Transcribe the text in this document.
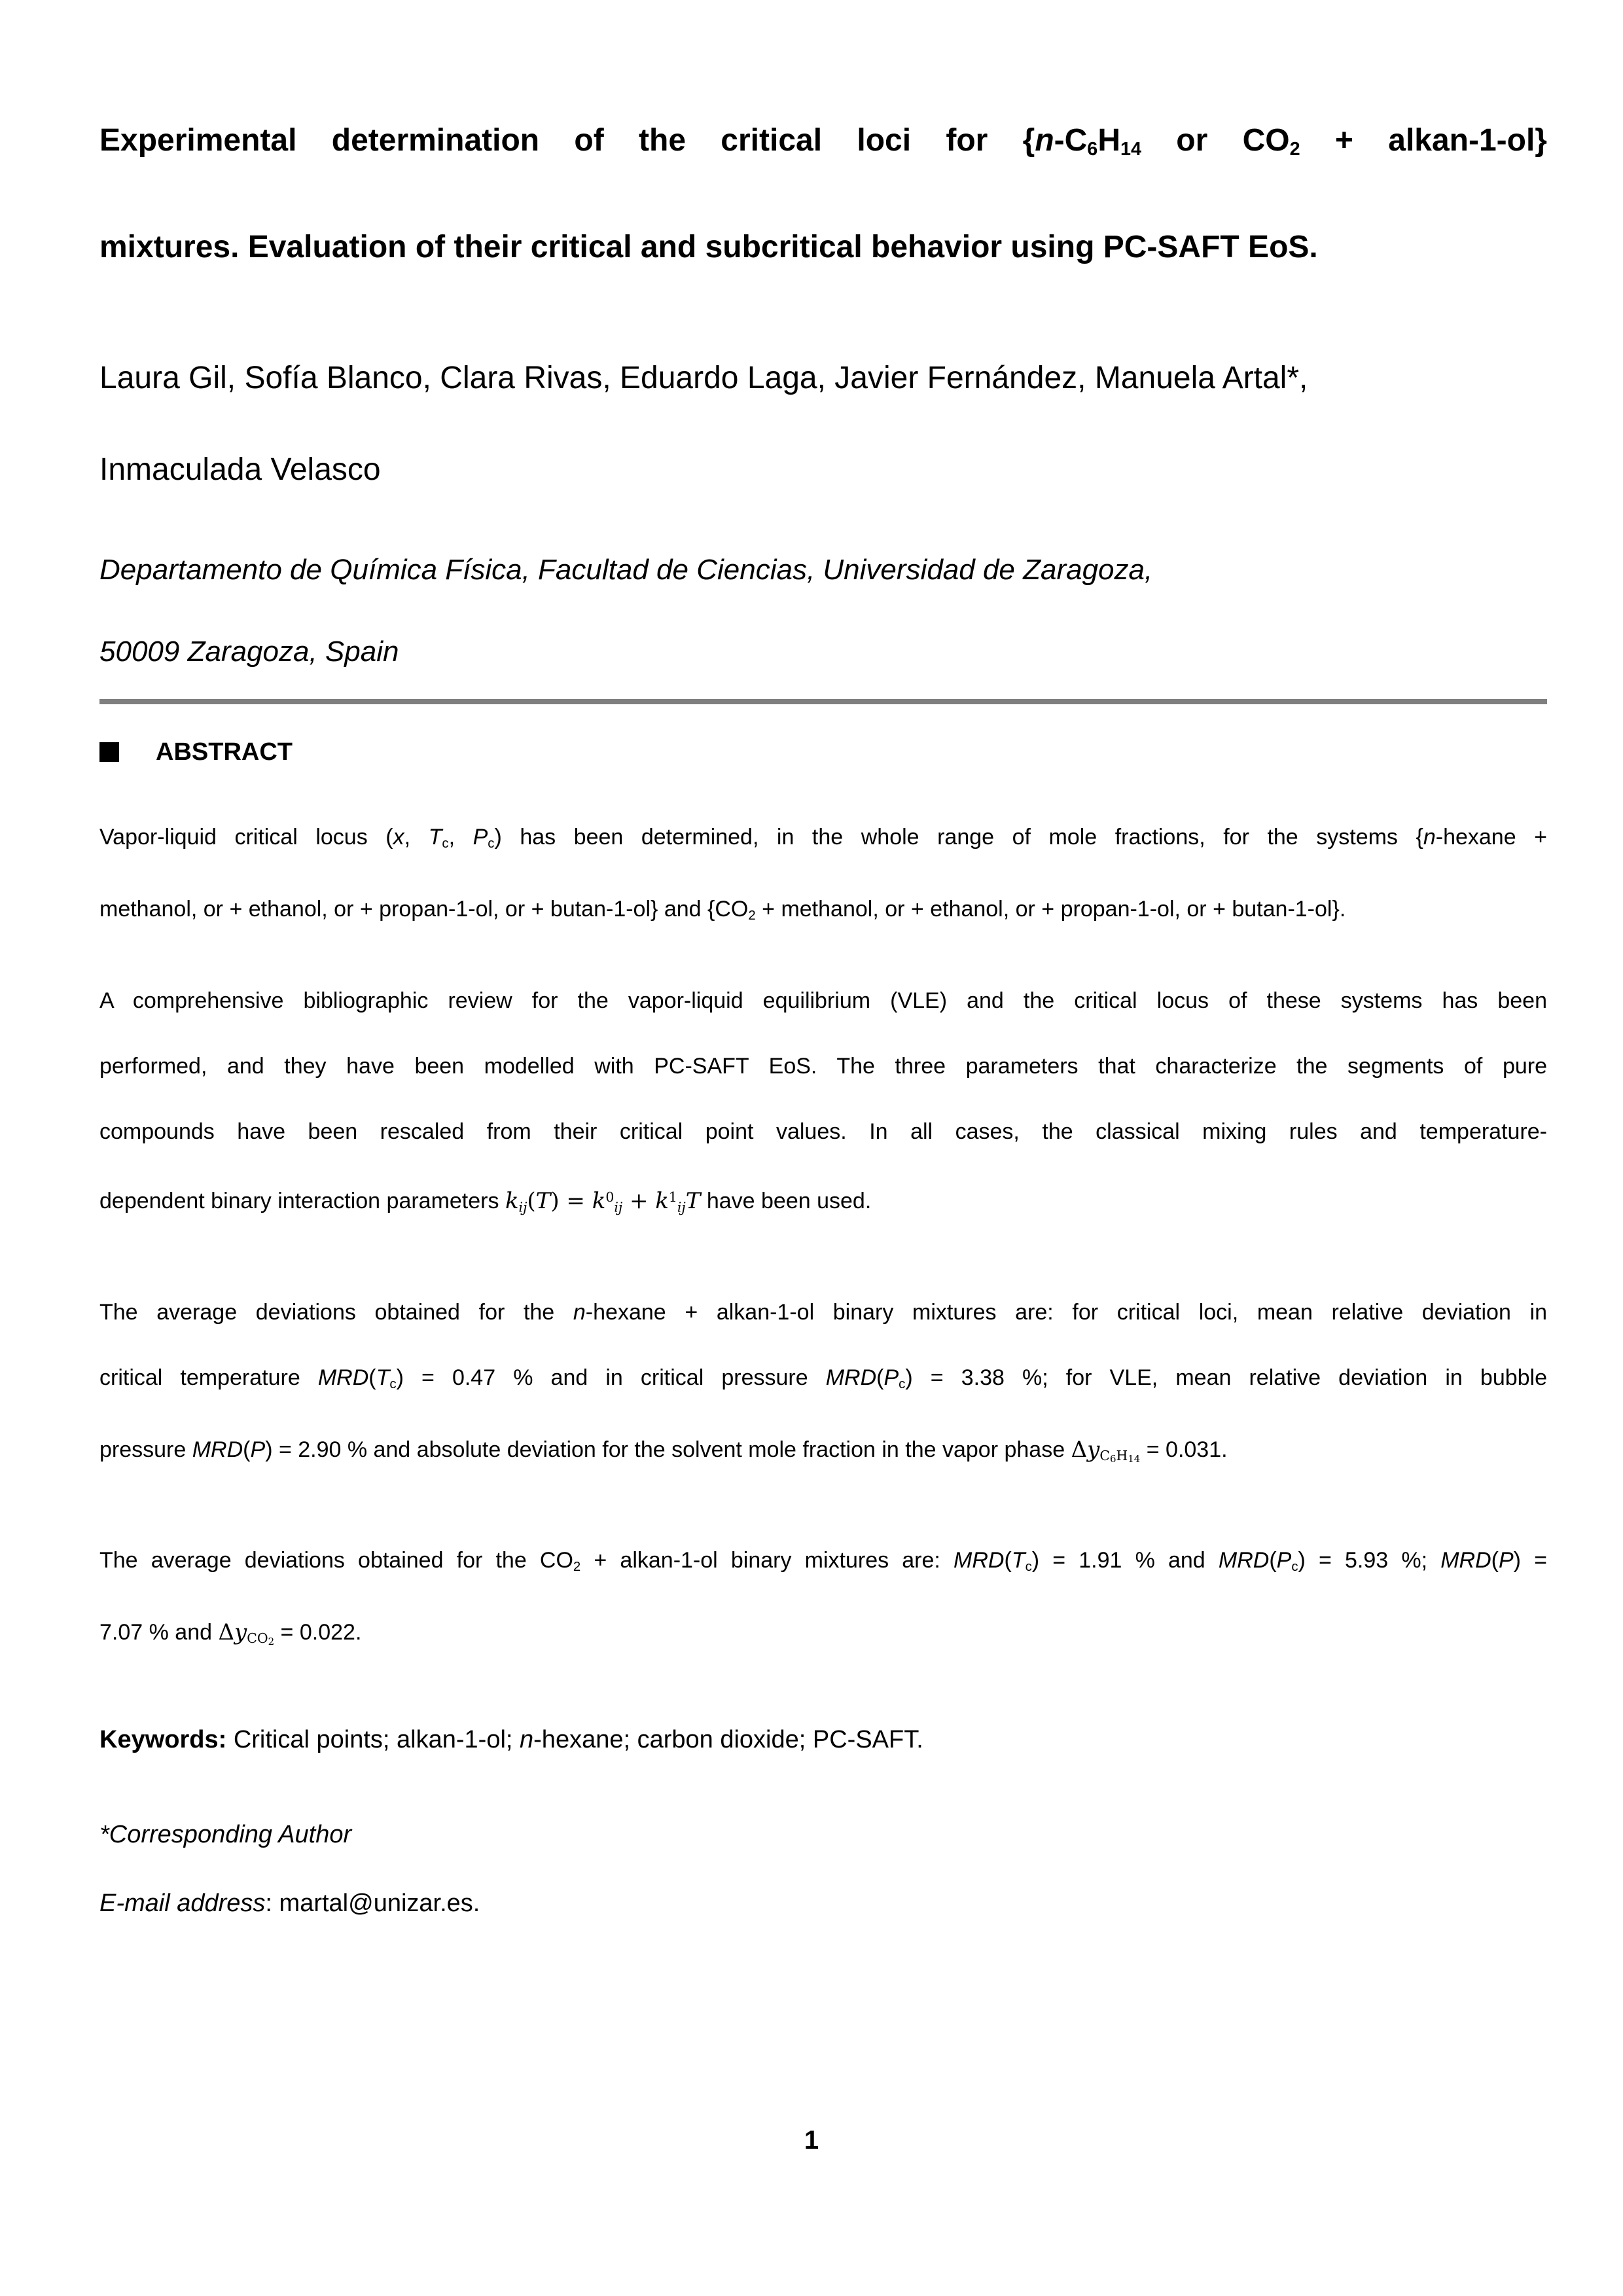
Experimental determination of the critical loci for {n-C6H14 or CO2 + alkan-1-ol}
mixtures. Evaluation of their critical and subcritical behavior using PC-SAFT EoS.
Laura Gil, Sofía Blanco, Clara Rivas, Eduardo Laga, Javier Fernández, Manuela Artal*,
Inmaculada Velasco
Departamento de Química Física, Facultad de Ciencias, Universidad de Zaragoza,
50009 Zaragoza, Spain
ABSTRACT
Vapor-liquid critical locus (x, Tc, Pc) has been determined, in the whole range of mole fractions, for the systems {n-hexane +
methanol, or + ethanol, or + propan-1-ol, or + butan-1-ol} and {CO2 + methanol, or + ethanol, or + propan-1-ol, or + butan-1-ol}.
A comprehensive bibliographic review for the vapor-liquid equilibrium (VLE) and the critical locus of these systems has been
performed, and they have been modelled with PC-SAFT EoS. The three parameters that characterize the segments of pure
compounds have been rescaled from their critical point values. In all cases, the classical mixing rules and temperature-
dependent binary interaction parameters $kij(T) = k^0ij + k^1ijT$ have been used.
The average deviations obtained for the n-hexane + alkan-1-ol binary mixtures are: for critical loci, mean relative deviation in
critical temperature MRD(Tc) = 0.47 % and in critical pressure MRD(Pc) = 3.38 %; for VLE, mean relative deviation in bubble
pressure MRD(P) = 2.90 % and absolute deviation for the solvent mole fraction in the vapor phase $\Delta yC_6H_{14} = 0.031$.
The average deviations obtained for the CO2 + alkan-1-ol binary mixtures are: MRD(Tc) = 1.91 % and MRD(Pc) = 5.93 %; MRD(P) =
7.07 % and ΔyCO$_2$ = 0.022.
Keywords: Critical points; alkan-1-ol; n-hexane; carbon dioxide; PC-SAFT.
*Corresponding Author
E-mail address: martal@unizar.es.
1
